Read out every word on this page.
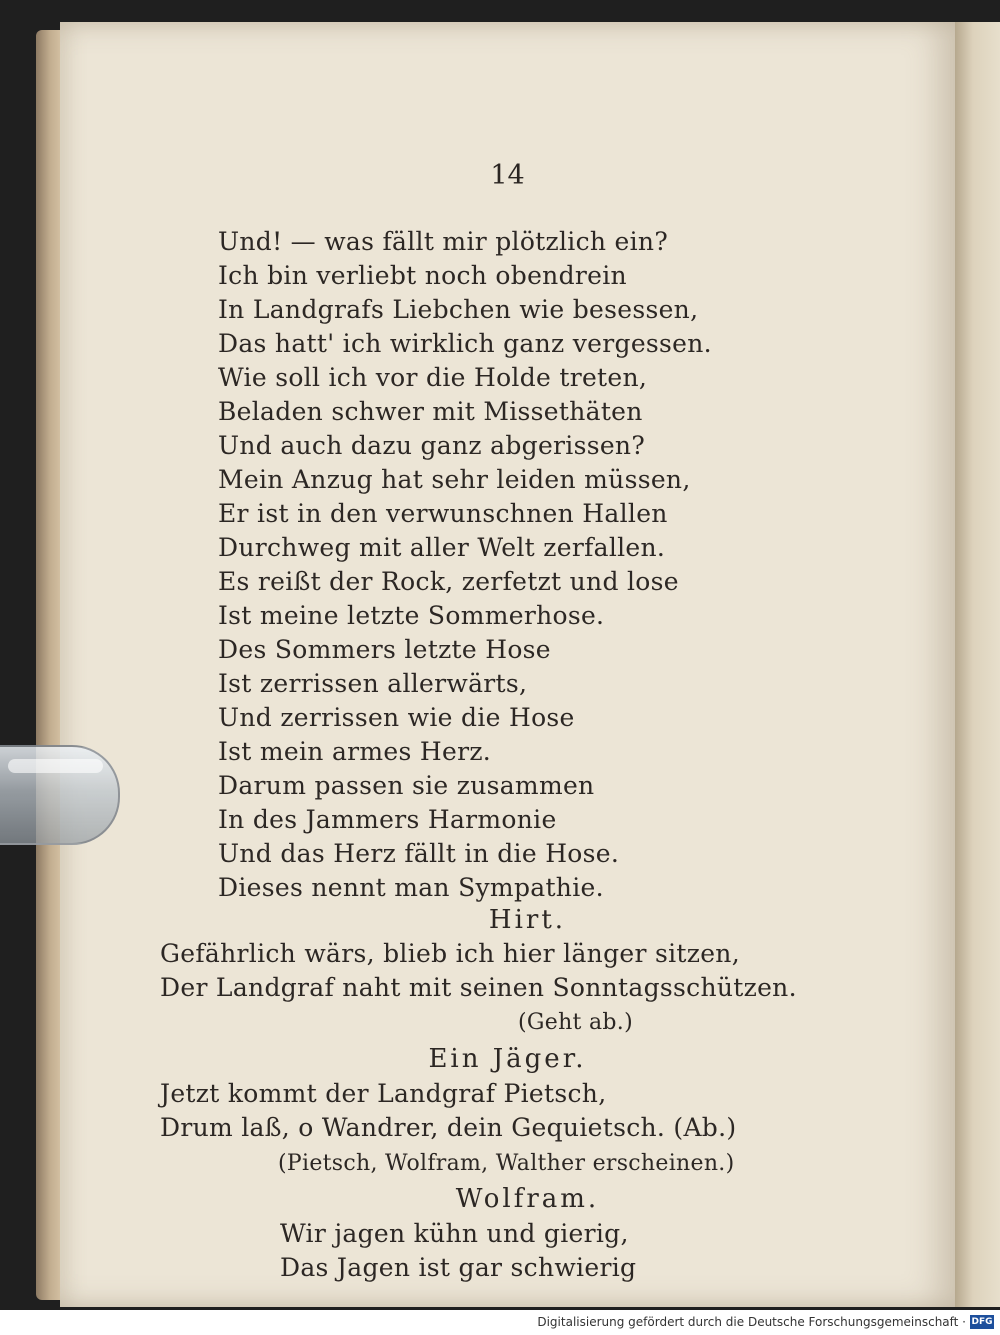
14
Und! — was fällt mir plötzlich ein?
Ich bin verliebt noch obendrein
In Landgrafs Liebchen wie besessen,
Das hatt' ich wirklich ganz vergessen.
Wie soll ich vor die Holde treten,
Beladen schwer mit Missethäten
Und auch dazu ganz abgerissen?
Mein Anzug hat sehr leiden müssen,
Er ist in den verwunschnen Hallen
Durchweg mit aller Welt zerfallen.
Es reißt der Rock, zerfetzt und lose
Ist meine letzte Sommerhose.
Des Sommers letzte Hose
Ist zerrissen allerwärts,
Und zerrissen wie die Hose
Ist mein armes Herz.
Darum passen sie zusammen
In des Jammers Harmonie
Und das Herz fällt in die Hose.
Dieses nennt man Sympathie.
Hirt.
Gefährlich wärs, blieb ich hier länger sitzen,
Der Landgraf naht mit seinen Sonntagsschützen.
(Geht ab.)
Ein Jäger.
Jetzt kommt der Landgraf Pietsch,
Drum laß, o Wandrer, dein Gequietsch. (Ab.)
(Pietsch, Wolfram, Walther erscheinen.)
Wolfram.
Wir jagen kühn und gierig,
Das Jagen ist gar schwierig
Digitalisierung gefördert durch die Deutsche Forschungsgemeinschaft · DFG
